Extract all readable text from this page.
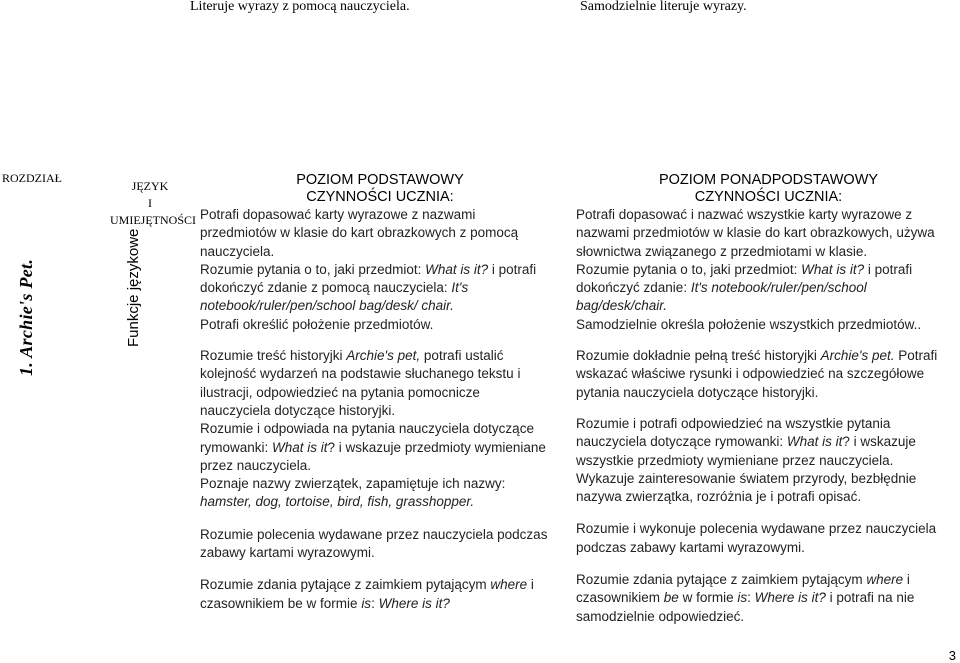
Literuje wyrazy z pomocą nauczyciela.	Samodzielnie literuje wyrazy.
ROZDZIAŁ
JĘZYK
I UMIEJĘTNOŚCI
1. Archie's Pet.	Funkcje językowe
POZIOM PODSTAWOWY
CZYNNOŚCI UCZNIA:

Potrafi dopasować karty wyrazowe z nazwami przedmiotów w klasie do kart obrazkowych z pomocą nauczyciela.

Rozumie pytania o to, jaki przedmiot: What is it? i potrafi dokończyć zdanie z pomocą nauczyciela: It's notebook/ruler/pen/school bag/desk/ chair.

Potrafi określić położenie przedmiotów.

Rozumie treść historyjki Archie's pet, potrafi ustalić kolejność wydarzeń na podstawie słuchanego tekstu i ilustracji, odpowiedzieć na pytania pomocnicze nauczyciela dotyczące historyjki.

Rozumie i odpowiada na pytania nauczyciela dotyczące rymowanki: What is it? i wskazuje przedmioty wymieniane przez nauczyciela.

Poznaje nazwy zwierzątek, zapamiętuje ich nazwy:

hamster, dog, tortoise, bird, fish, grasshopper.

Rozumie polecenia wydawane przez nauczyciela podczas zabawy kartami wyrazowymi.

Rozumie zdania pytające z zaimkiem pytającym where i czasownikiem be w formie is: Where is it?

POZIOM PONADPODSTAWOWY
CZYNNOŚCI UCZNIA:

Potrafi dopasować i nazwać wszystkie karty wyrazowe z nazwami przedmiotów w klasie do kart obrazkowych, używa słownictwa związanego z przedmiotami w klasie.

Rozumie pytania o to, jaki przedmiot: What is it? i potrafi dokończyć zdanie: It's notebook/ruler/pen/school bag/desk/chair.

Samodzielnie określa położenie wszystkich przedmiotów..

Rozumie dokładnie pełną treść historyjki Archie's pet. Potrafi wskazać właściwe rysunki i odpowiedzieć na szczegółowe pytania nauczyciela dotyczące historyjki.

Rozumie i potrafi odpowiedzieć na wszystkie pytania nauczyciela dotyczące rymowanki: What is it? i wskazuje wszystkie przedmioty wymieniane przez nauczyciela.

Wykazuje zainteresowanie światem przyrody, bezbłędnie nazywa zwierzątka, rozróżnia je i potrafi opisać.

Rozumie i wykonuje polecenia wydawane przez nauczyciela podczas zabawy kartami wyrazowymi.

Rozumie zdania pytające z zaimkiem pytającym where i czasownikiem be w formie is: Where is it? i potrafi na nie samodzielnie odpowiedzieć.

3
